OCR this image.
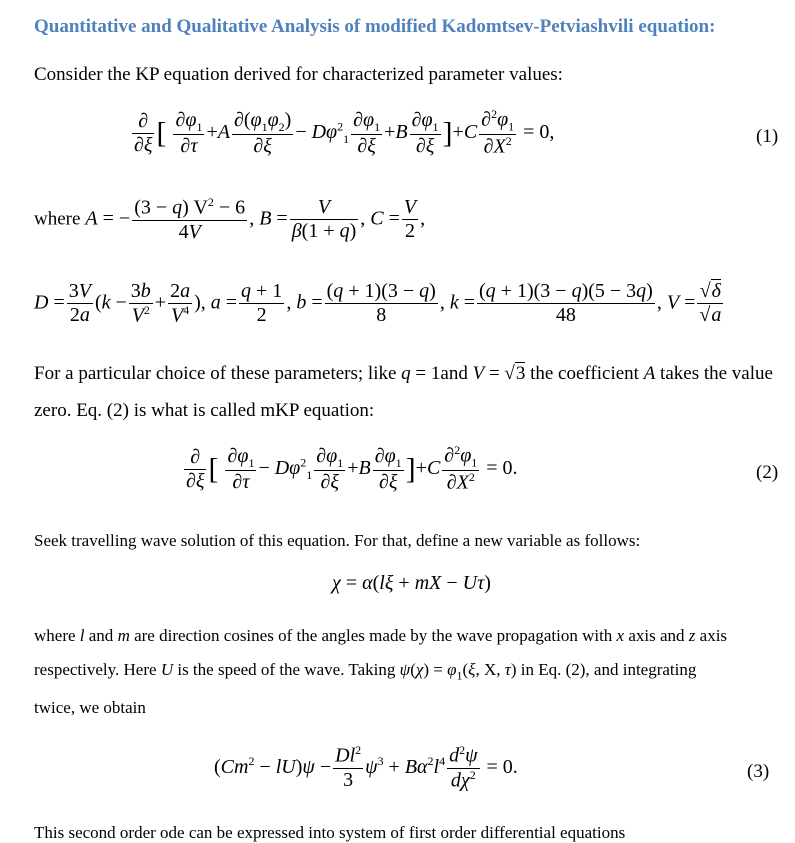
Quantitative and Qualitative Analysis of modified Kadomtsev-Petviashvili equation:
Consider the KP equation derived for characterized parameter values:
$\frac{\partial}{\partial\xi}$ [ $\frac{\partial\varphi_1}{\partial\tau} +A \frac{\partial(\varphi_1\varphi_2)}{\partial\xi} - D\varphi^2_1 \frac{\partial\varphi_1}{\partial\xi} +B \frac{\partial\varphi_1}{\partial\xi} ]+C \frac{\partial^2\varphi_1}{\partial X^2} = 0$,	(1)
where A = − $\frac{(3 - q) V^2 - 6}{4V}$ , $B = \frac{V}{\beta(1 + q)}$ , $C = \frac{V}{2}$ ,
$D = \frac{3V}{2a} (k - \frac{3b}{V^2} + \frac{2a}{V^4}$ ), $a = \frac{q + 1}{2}$ , $b = \frac{(q + 1)(3 - q)}{8}$ , $k = \frac{(q + 1)(3 - q)(5 - 3q)}{48}$ , $V = \frac{√\delta}{√a}$
For a particular choice of these parameters; like q = 1and V = √3 the coefficient A takes the value
zero. Eq. (2) is what is called mKP equation:
$\frac{\partial}{\partial\xi}$ [ $\frac{\partial\varphi_1}{\partial\tau} - D\varphi^2_1 \frac{\partial\varphi_1}{\partial\xi} +B \frac{\partial\varphi_1}{\partial\xi} ]+C \frac{\partial^2\varphi_1}{\partial X^2} = 0$.	(2)
Seek travelling wave solution of this equation. For that, define a new variable as follows:
χ = α(lξ + mX − Uτ)
where l and m are direction cosines of the angles made by the wave propagation with x axis and z axis
respectively. Here U is the speed of the wave. Taking $\psi(\chi) = \varphi_1(\xi$, X, τ) in Eq. (2), and integrating
twice, we obtain
$(Cm^2 - lU)\psi - \frac{Dl^2}{3} \psi^3 + B\alpha^2l^4 \frac{d^2\psi}{d\chi^2} = 0$.	(3)
This second order ode can be expressed into system of first order differential equations
